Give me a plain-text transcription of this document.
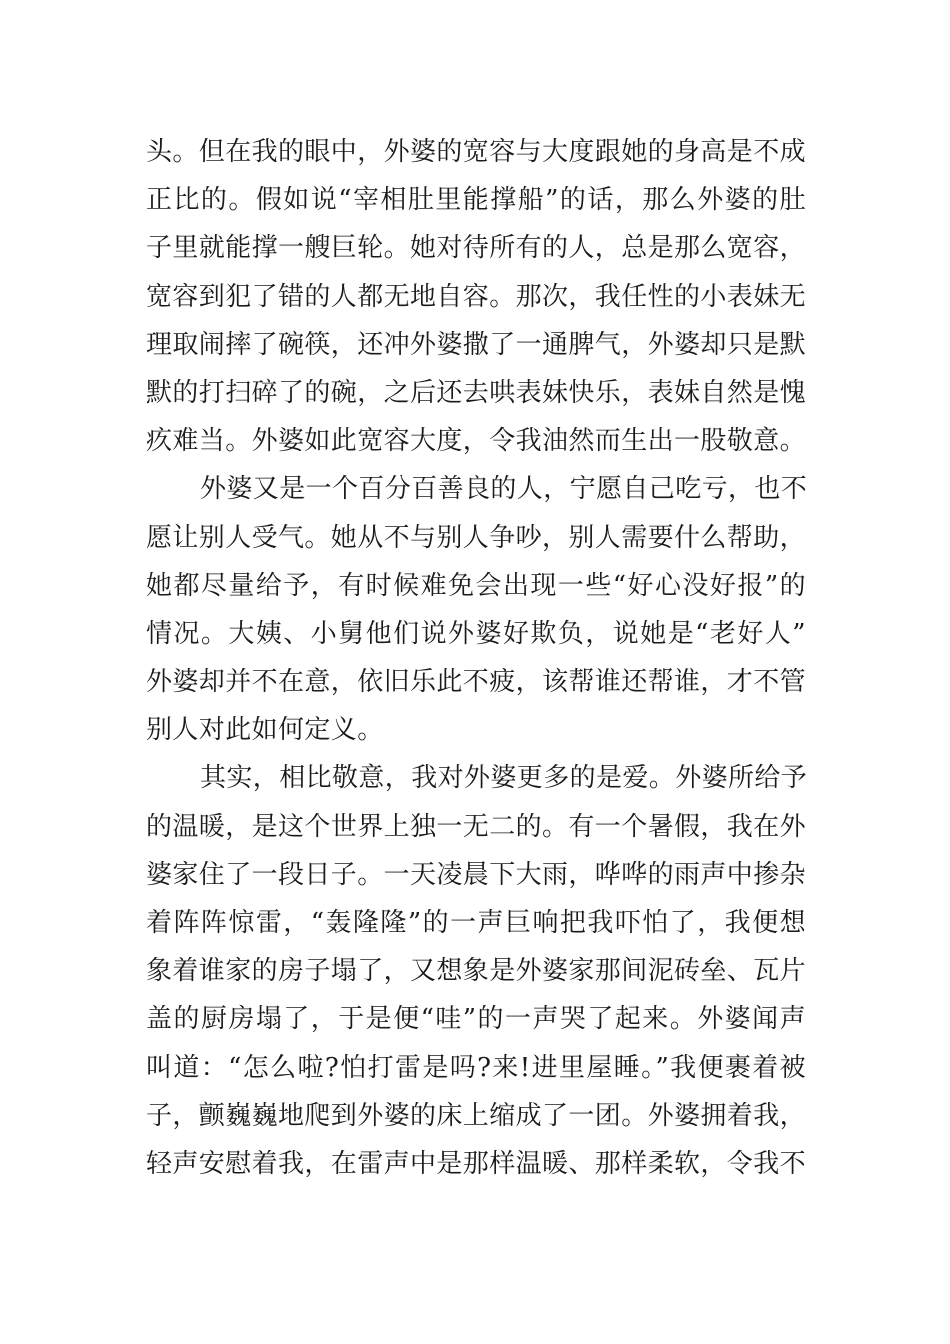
头。但在我的眼中，外婆的宽容与大度跟她的身高是不成
正比的。假如说“宰相肚里能撑船”的话，那么外婆的肚
子里就能撑一艘巨轮。她对待所有的人，总是那么宽容，
宽容到犯了错的人都无地自容。那次，我任性的小表妹无
理取闹摔了碗筷，还冲外婆撒了一通脾气，外婆却只是默
默的打扫碎了的碗，之后还去哄表妹快乐，表妹自然是愧
疚难当。外婆如此宽容大度，令我油然而生出一股敬意。
外婆又是一个百分百善良的人，宁愿自己吃亏，也不
愿让别人受气。她从不与别人争吵，别人需要什么帮助，
她都尽量给予，有时候难免会出现一些“好心没好报”的
情况。大姨、小舅他们说外婆好欺负，说她是“老好人”
外婆却并不在意，依旧乐此不疲，该帮谁还帮谁，才不管
别人对此如何定义。
其实，相比敬意，我对外婆更多的是爱。外婆所给予
的温暖，是这个世界上独一无二的。有一个暑假，我在外
婆家住了一段日子。一天凌晨下大雨，哗哗的雨声中掺杂
着阵阵惊雷，“轰隆隆”的一声巨响把我吓怕了，我便想
象着谁家的房子塌了，又想象是外婆家那间泥砖垒、瓦片
盖的厨房塌了，于是便“哇”的一声哭了起来。外婆闻声
叫道：“怎么啦?怕打雷是吗?来!进里屋睡。”我便裹着被
子，颤巍巍地爬到外婆的床上缩成了一团。外婆拥着我，
轻声安慰着我，在雷声中是那样温暖、那样柔软，令我不
